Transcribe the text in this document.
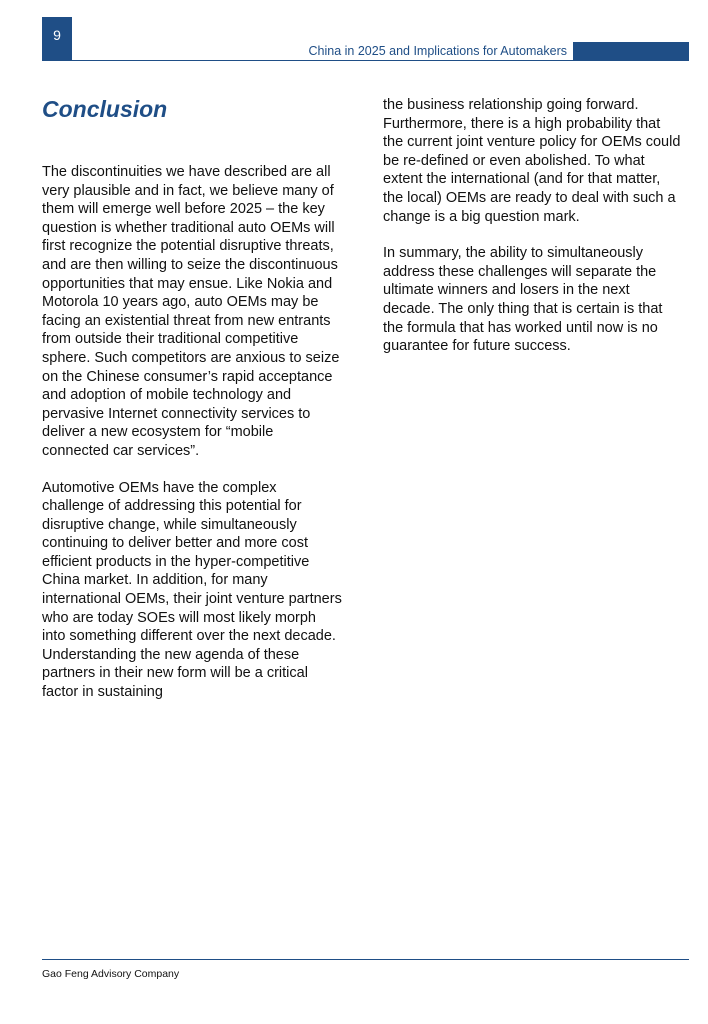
9
China in 2025 and Implications for Automakers
Conclusion

The discontinuities we have described are all very plausible and in fact, we believe many of them will emerge well before 2025 – the key question is whether traditional auto OEMs will first recognize the potential disruptive threats, and are then willing to seize the discontinuous opportunities that may ensue. Like Nokia and Motorola 10 years ago, auto OEMs may be facing an existential threat from new entrants from outside their traditional competitive sphere. Such competitors are anxious to seize on the Chinese consumer’s rapid acceptance and adoption of mobile technology and pervasive Internet connectivity services to deliver a new ecosystem for “mobile connected car services”.

Automotive OEMs have the complex challenge of addressing this potential for disruptive change, while simultaneously continuing to deliver better and more cost efficient products in the hyper-competitive China market. In addition, for many international OEMs, their joint venture partners who are today SOEs will most likely morph into something different over the next decade. Understanding the new agenda of these partners in their new form will be a critical factor in sustaining

the business relationship going forward. Furthermore, there is a high probability that the current joint venture policy for OEMs could be re-defined or even abolished. To what extent the international (and for that matter, the local) OEMs are ready to deal with such a change is a big question mark.

In summary, the ability to simultaneously address these challenges will separate the ultimate winners and losers in the next decade. The only thing that is certain is that the formula that has worked until now is no guarantee for future success.

Gao Feng Advisory Company
